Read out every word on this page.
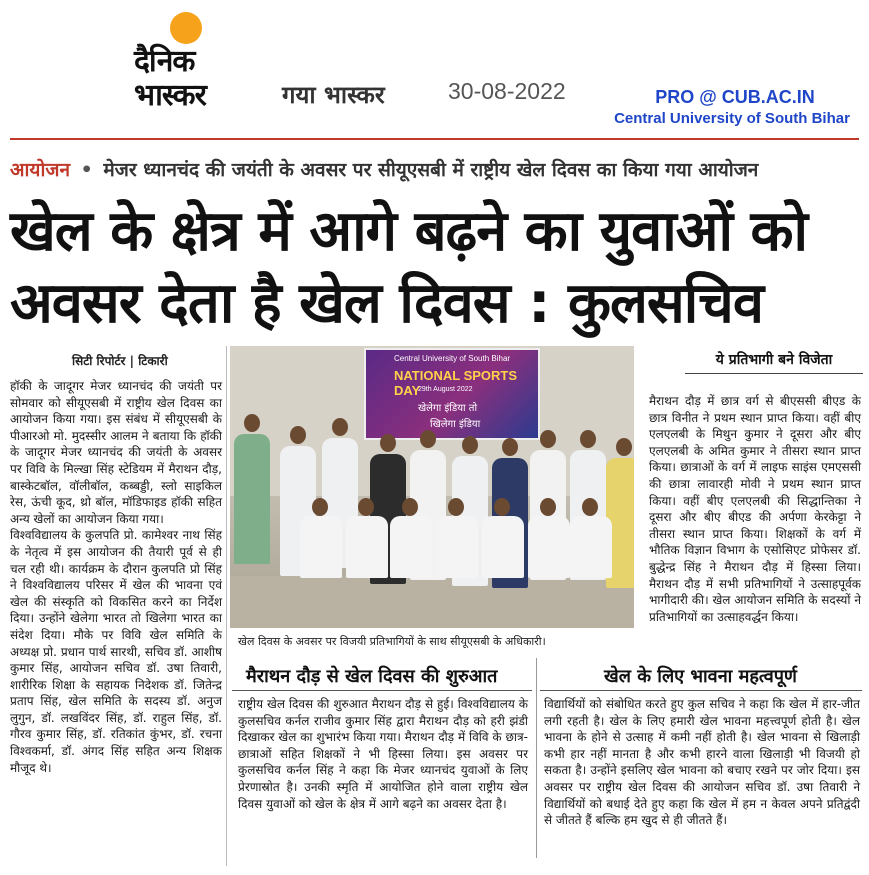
दैनिक
भास्कर	गया भास्कर	30-08-2022	PRO @ CUB.AC.IN
Central University of South Bihar
आयोजन • मेजर ध्यानचंद की जयंती के अवसर पर सीयूएसबी में राष्ट्रीय खेल दिवस का किया गया आयोजन
खेल के क्षेत्र में आगे बढ़ने का युवाओं को अवसर देता है खेल दिवस : कुलसचिव
सिटी रिपोर्टर | टिकारी

हॉकी के जादूगर मेजर ध्यानचंद की जयंती पर सोमवार को सीयूएसबी में राष्ट्रीय खेल दिवस का आयोजन किया गया। इस संबंध में सीयूएसबी के पीआरओ मो. मुदस्सीर आलम ने बताया कि हॉकी के जादूगर मेजर ध्यानचंद की जयंती के अवसर पर विवि के मिल्खा सिंह स्टेडियम में मैराथन दौड़, बास्केटबॉल, वॉलीबॉल, कब्बड्डी, स्लो साइकिल रेस, ऊंची कूद, थ्रो बॉल, मॉडिफाइड हॉकी सहित अन्य खेलों का आयोजन किया गया।

विश्वविद्यालय के कुलपति प्रो. कामेश्वर नाथ सिंह के नेतृत्व में इस आयोजन की तैयारी पूर्व से ही चल रही थी। कार्यक्रम के दौरान कुलपति प्रो सिंह ने विश्वविद्यालय परिसर में खेल की भावना एवं खेल की संस्कृति को विकसित करने का निर्देश दिया। उन्होंने खेलेगा भारत तो खिलेगा भारत का संदेश दिया। मौके पर विवि खेल समिति के अध्यक्ष प्रो. प्रधान पार्थ सारथी, सचिव डॉ. आशीष कुमार सिंह, आयोजन सचिव डॉ. उषा तिवारी, शारीरिक शिक्षा के सहायक निदेशक डॉ. जितेन्द्र प्रताप सिंह, खेल समिति के सदस्य डॉ. अनुज लुगुन, डॉ. लखविंदर सिंह, डॉ. राहुल सिंह, डॉ. गौरव कुमार सिंह, डॉ. रतिकांत कुंभर, डॉ. रचना विश्वकर्मा, डॉ. अंगद सिंह सहित अन्य शिक्षक मौजूद थे।

Central University of South Bihar
NATIONAL SPORTS DAY
29th August 2022
खेलेगा इंडिया तो
खिलेगा इंडिया
खेल दिवस के अवसर पर विजयी प्रतिभागियों के साथ सीयूएसबी के अधिकारी।
ये प्रतिभागी बने विजेता
मैराथन दौड़ में छात्र वर्ग से बीएससी बीएड के छात्र विनीत ने प्रथम स्थान प्राप्त किया। वहीं बीए एलएलबी के मिथुन कुमार ने दूसरा और बीए एलएलबी के अमित कुमार ने तीसरा स्थान प्राप्त किया। छात्राओं के वर्ग में लाइफ साइंस एमएससी की छात्रा लावारही मोवी ने प्रथम स्थान प्राप्त किया। वहीं बीए एलएलबी की सिद्धान्तिका ने दूसरा और बीए बीएड की अर्पणा केरकेट्टा ने तीसरा स्थान प्राप्त किया। शिक्षकों के वर्ग में भौतिक विज्ञान विभाग के एसोसिएट प्रोफेसर डॉ. बुद्धेन्द्र सिंह ने मैराथन दौड़ में हिस्सा लिया। मैराथन दौड़ में सभी प्रतिभागियों ने उत्साहपूर्वक भागीदारी की। खेल आयोजन समिति के सदस्यों ने प्रतिभागियों का उत्साहवर्द्धन किया।
मैराथन दौड़ से खेल दिवस की शुरुआत
राष्ट्रीय खेल दिवस की शुरुआत मैराथन दौड़ से हुई। विश्वविद्यालय के कुलसचिव कर्नल राजीव कुमार सिंह द्वारा मैराथन दौड़ को हरी झंडी दिखाकर खेल का शुभारंभ किया गया। मैराथन दौड़ में विवि के छात्र-छात्राओं सहित शिक्षकों ने भी हिस्सा लिया। इस अवसर पर कुलसचिव कर्नल सिंह ने कहा कि मेजर ध्यानचंद युवाओं के लिए प्रेरणास्रोत है। उनकी स्मृति में आयोजित होने वाला राष्ट्रीय खेल दिवस युवाओं को खेल के क्षेत्र में आगे बढ़ने का अवसर देता है।
खेल के लिए भावना महत्वपूर्ण
विद्यार्थियों को संबोधित करते हुए कुल सचिव ने कहा कि खेल में हार-जीत लगी रहती है। खेल के लिए हमारी खेल भावना महत्त्वपूर्ण होती है। खेल भावना के होने से उत्साह में कमी नहीं होती है। खेल भावना से खिलाड़ी कभी हार नहीं मानता है और कभी हारने वाला खिलाड़ी भी विजयी हो सकता है। उन्होंने इसलिए खेल भावना को बचाए रखने पर जोर दिया। इस अवसर पर राष्ट्रीय खेल दिवस की आयोजन सचिव डॉ. उषा तिवारी ने विद्यार्थियों को बधाई देते हुए कहा कि खेल में हम न केवल अपने प्रतिद्वंदी से जीतते हैं बल्कि हम खुद से ही जीतते हैं।
